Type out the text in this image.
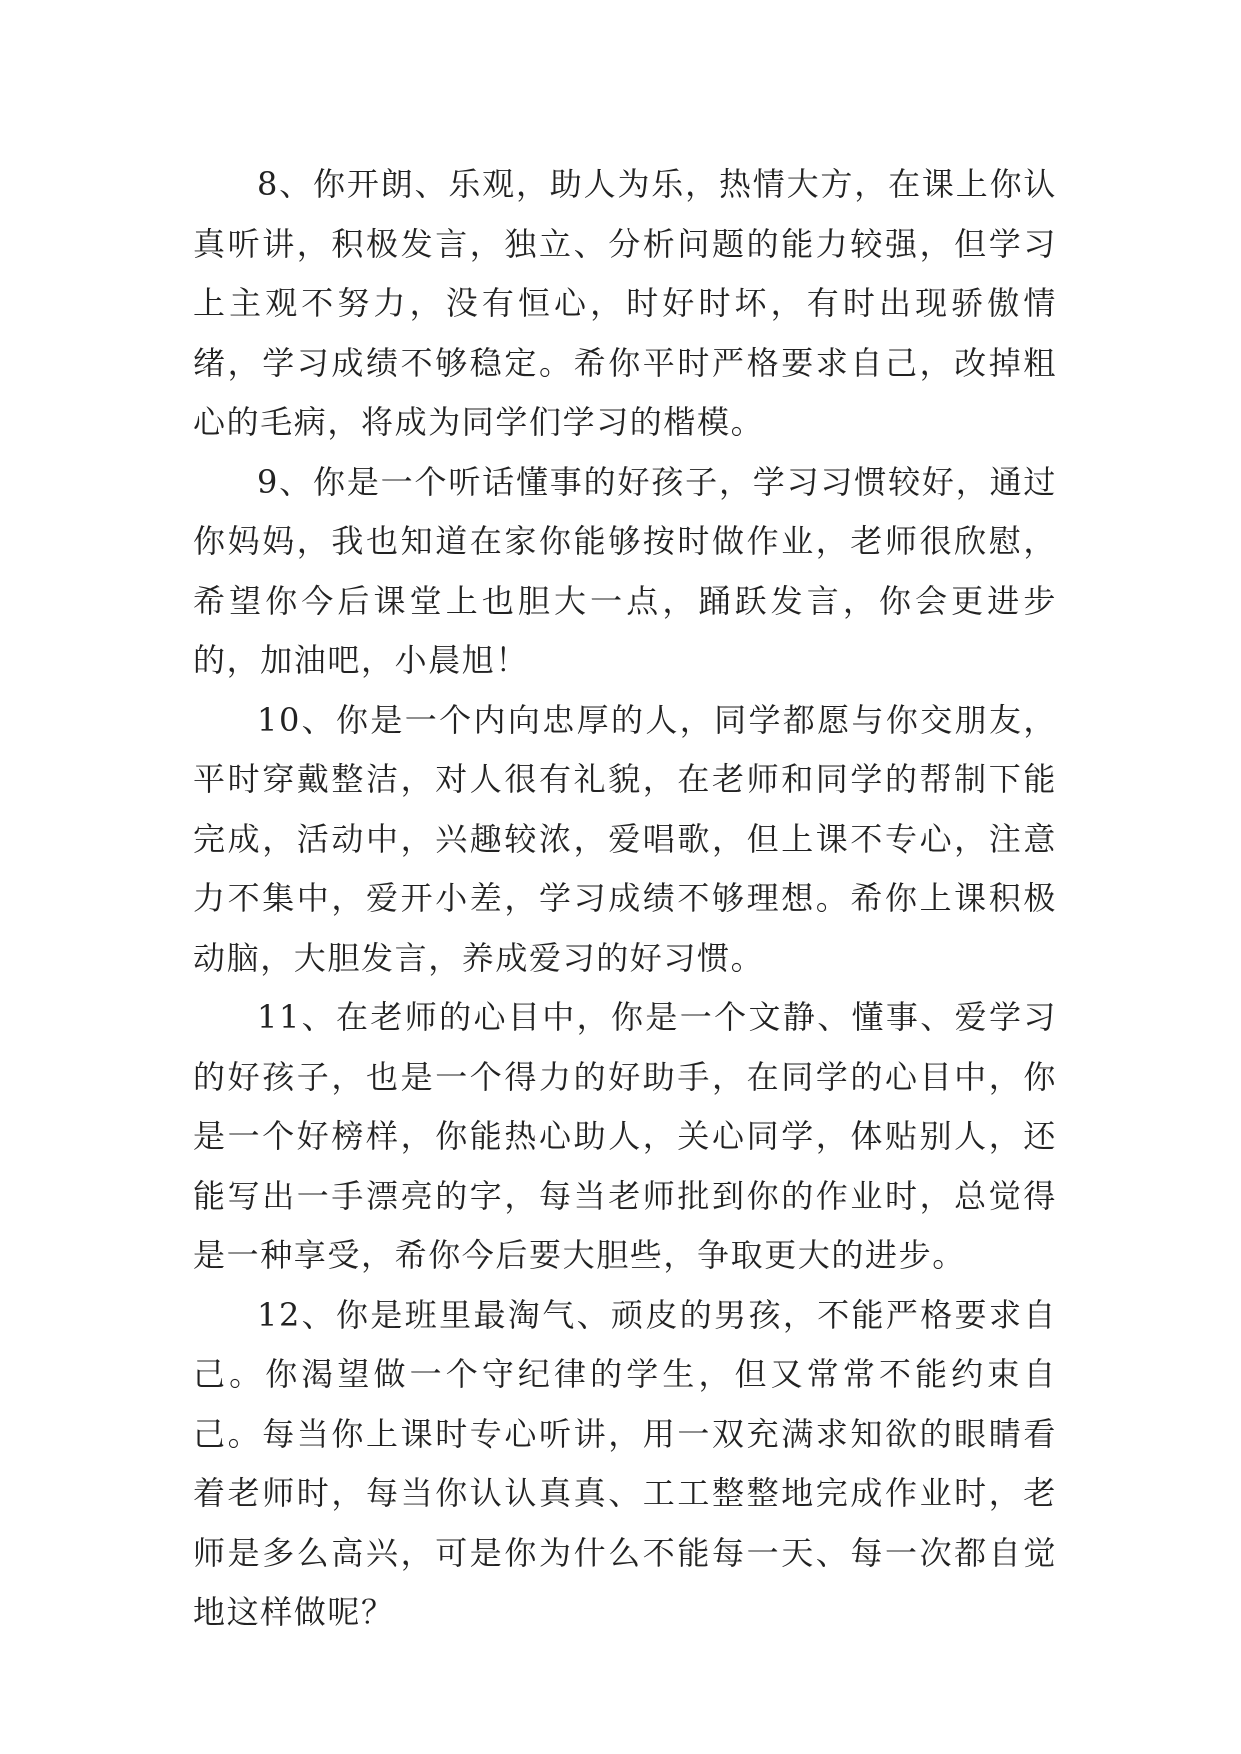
8、你开朗、乐观，助人为乐，热情大方，在课上你认真听讲，积极发言，独立、分析问题的能力较强，但学习上主观不努力，没有恒心，时好时坏，有时出现骄傲情绪，学习成绩不够稳定。希你平时严格要求自己，改掉粗心的毛病，将成为同学们学习的楷模。

9、你是一个听话懂事的好孩子，学习习惯较好，通过你妈妈，我也知道在家你能够按时做作业，老师很欣慰，希望你今后课堂上也胆大一点，踊跃发言，你会更进步的，加油吧，小晨旭！

10、你是一个内向忠厚的人，同学都愿与你交朋友，平时穿戴整洁，对人很有礼貌，在老师和同学的帮制下能完成，活动中，兴趣较浓，爱唱歌，但上课不专心，注意力不集中，爱开小差，学习成绩不够理想。希你上课积极动脑，大胆发言，养成爱习的好习惯。

11、在老师的心目中，你是一个文静、懂事、爱学习的好孩子，也是一个得力的好助手，在同学的心目中，你是一个好榜样，你能热心助人，关心同学，体贴别人，还能写出一手漂亮的字，每当老师批到你的作业时，总觉得是一种享受，希你今后要大胆些，争取更大的进步。

12、你是班里最淘气、顽皮的男孩，不能严格要求自己。你渴望做一个守纪律的学生，但又常常不能约束自己。每当你上课时专心听讲，用一双充满求知欲的眼睛看着老师时，每当你认认真真、工工整整地完成作业时，老师是多么高兴，可是你为什么不能每一天、每一次都自觉地这样做呢？
